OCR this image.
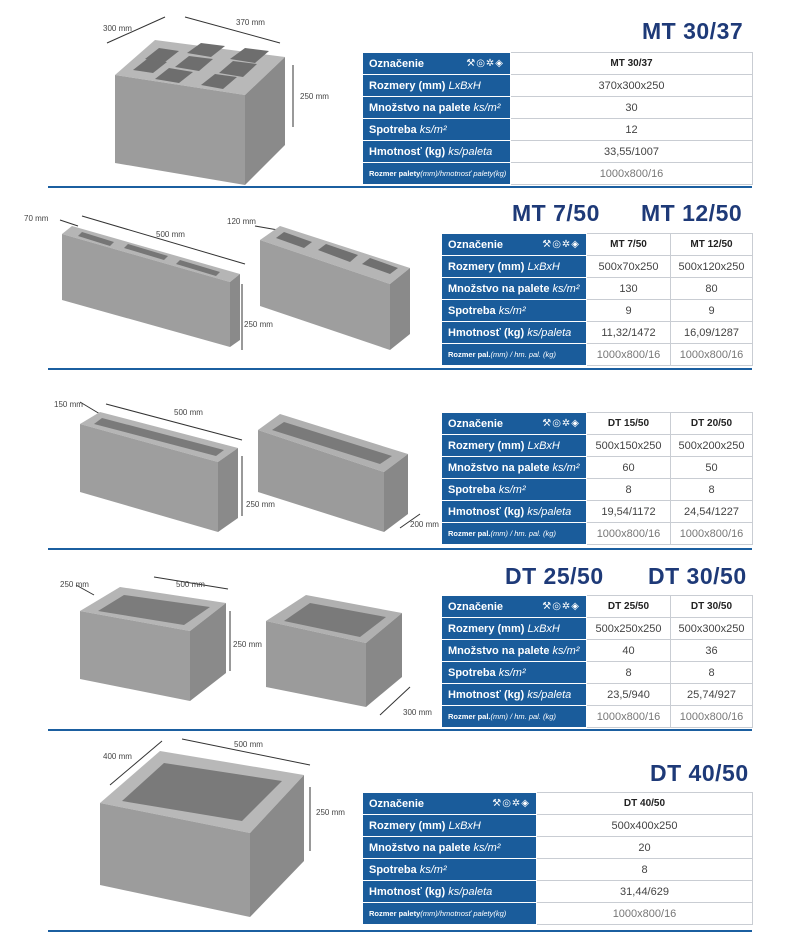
MT 30/37
300 mm
370 mm
250 mm
Označenie ⚒◎✲◈	MT 30/37
Rozmery (mm) LxBxH	370x300x250
Množstvo na palete ks/m²	30
Spotreba ks/m²	12
Hmotnosť (kg) ks/paleta	33,55/1007
Rozmer palety(mm)/hmotnosť palety(kg)	1000x800/16
MT 7/50 MT 12/50
70 mm
500 mm
120 mm
250 mm
Označenie ⚒◎✲◈	MT 7/50	MT 12/50
Rozmery (mm) LxBxH	500x70x250	500x120x250
Množstvo na palete ks/m²	130	80
Spotreba ks/m²	9	9
Hmotnosť (kg) ks/paleta	11,32/1472	16,09/1287
Rozmer pal.(mm) / hm. pal. (kg)	1000x800/16	1000x800/16
150 mm
500 mm
250 mm
200 mm
Označenie ⚒◎✲◈	DT 15/50	DT 20/50
Rozmery (mm) LxBxH	500x150x250	500x200x250
Množstvo na palete ks/m²	60	50
Spotreba ks/m²	8	8
Hmotnosť (kg) ks/paleta	19,54/1172	24,54/1227
Rozmer pal.(mm) / hm. pal. (kg)	1000x800/16	1000x800/16
DT 25/50 DT 30/50
250 mm	500 mm
250 mm
300 mm
Označenie ⚒◎✲◈	DT 25/50	DT 30/50
Rozmery (mm) LxBxH	500x250x250	500x300x250
Množstvo na palete ks/m²	40	36
Spotreba ks/m²	8	8
Hmotnosť (kg) ks/paleta	23,5/940	25,74/927
Rozmer pal.(mm) / hm. pal. (kg)	1000x800/16	1000x800/16
DT 40/50
400 mm
500 mm
250 mm
Označenie ⚒◎✲◈	DT 40/50
Rozmery (mm) LxBxH	500x400x250
Množstvo na palete ks/m²	20
Spotreba ks/m²	8
Hmotnosť (kg) ks/paleta	31,44/629
Rozmer palety(mm)/hmotnosť palety(kg)	1000x800/16
